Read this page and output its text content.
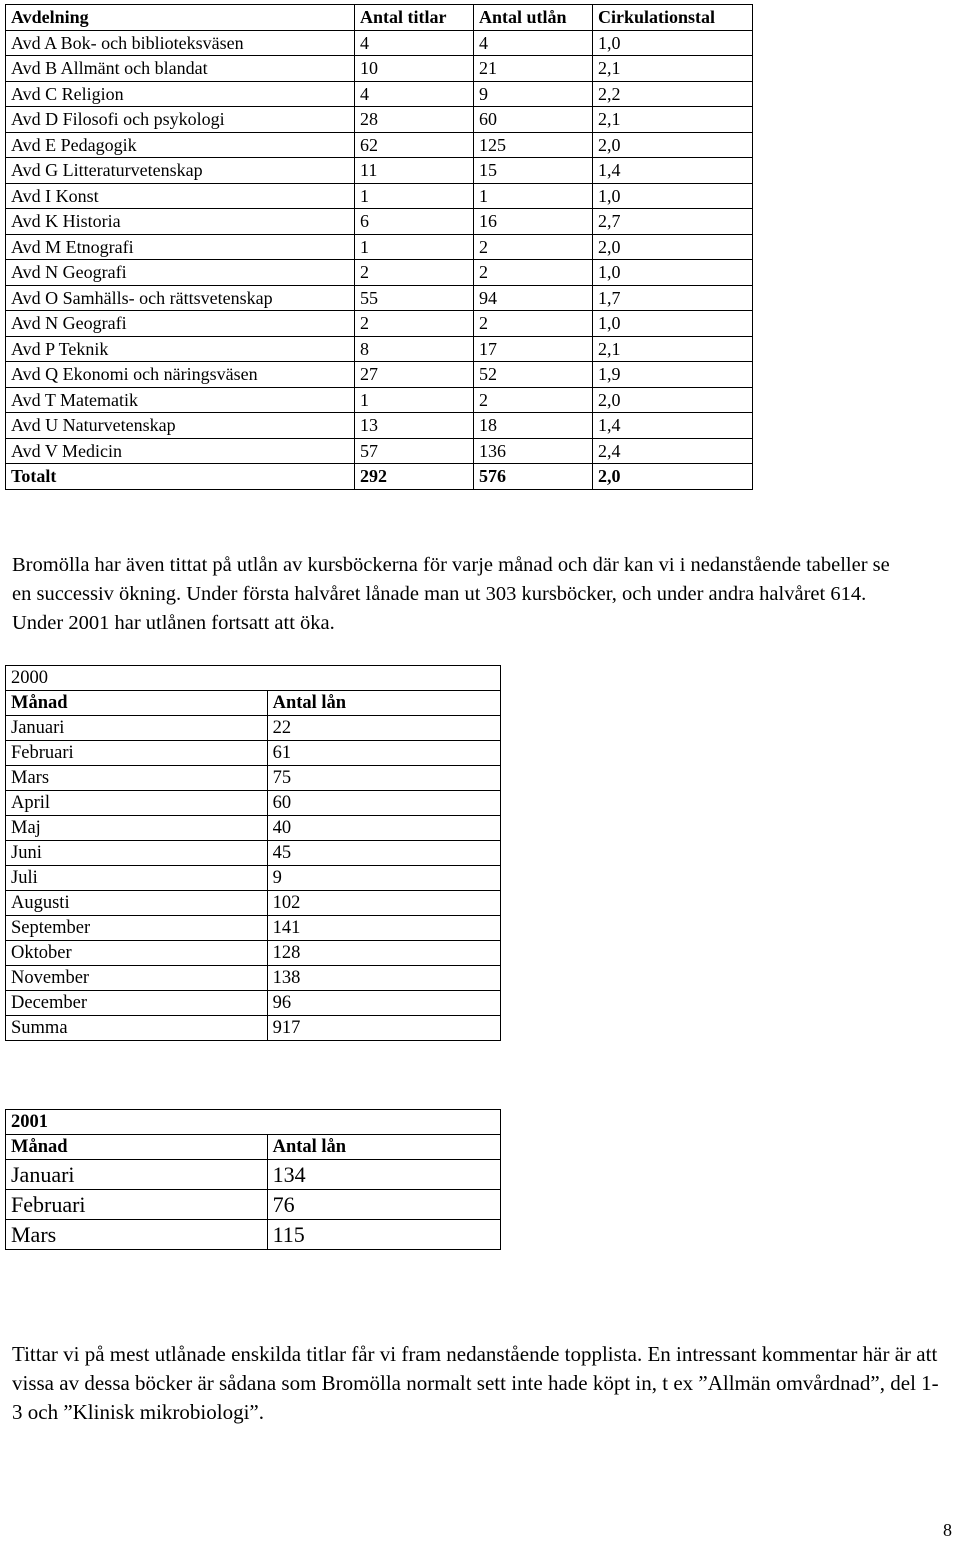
Avdelning	Antal titlar	Antal utlån	Cirkulationstal
Avd A Bok- och biblioteksväsen	4	4	1,0
Avd B Allmänt och blandat	10	21	2,1
Avd C Religion	4	9	2,2
Avd D Filosofi och psykologi	28	60	2,1
Avd E Pedagogik	62	125	2,0
Avd G Litteraturvetenskap	11	15	1,4
Avd I Konst	1	1	1,0
Avd K Historia	6	16	2,7
Avd M Etnografi	1	2	2,0
Avd N Geografi	2	2	1,0
Avd O Samhälls- och rättsvetenskap	55	94	1,7
Avd N Geografi	2	2	1,0
Avd P Teknik	8	17	2,1
Avd Q Ekonomi och näringsväsen	27	52	1,9
Avd T Matematik	1	2	2,0
Avd U Naturvetenskap	13	18	1,4
Avd V Medicin	57	136	2,4
Totalt	292	576	2,0

Bromölla har även tittat på utlån av kursböckerna för varje månad och där kan vi i nedanstående tabeller se en successiv ökning. Under första halvåret lånade man ut 303 kursböcker, och under andra halvåret 614. Under 2001 har utlånen fortsatt att öka.

2000	
Månad	Antal lån
Januari	22
Februari	61
Mars	75
April	60
Maj	40
Juni	45
Juli	9
Augusti	102
September	141
Oktober	128
November	138
December	96
Summa	917
2001	
Månad	Antal lån
Januari	134
Februari	76
Mars	115

Tittar vi på mest utlånade enskilda titlar får vi fram nedanstående topplista. En intressant kommentar här är att vissa av dessa böcker är sådana som Bromölla normalt sett inte hade köpt in, t ex ”Allmän omvårdnad”, del 1-3 och ”Klinisk mikrobiologi”.

8
